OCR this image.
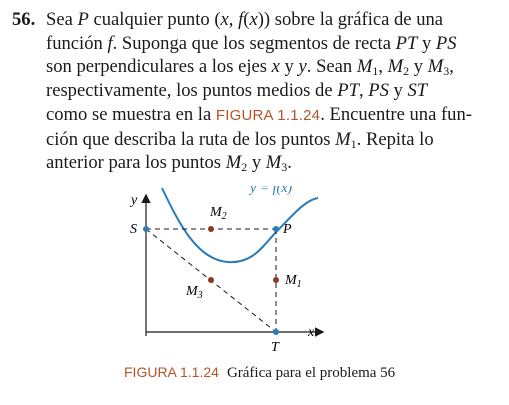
56. Sea P cualquier punto (x, f(x)) sobre la gráfica de una
función f. Suponga que los segmentos de recta PT y PS
son perpendiculares a los ejes x y y. Sean $M_1$, $M_2$ y $M_3$,
respectivamente, los puntos medios de PT, PS y ST
como se muestra en la FIGURA 1.1.24. Encuentre una fun-
ción que describa la ruta de los puntos $M_1$. Repita lo
anterior para los puntos $M_2$ y $M_3$.
y
x
S	P
T
y = f(x)
$M_2$
$M_1$
$M_3$
FIGURA 1.1.24 Gráfica para el problema 56
